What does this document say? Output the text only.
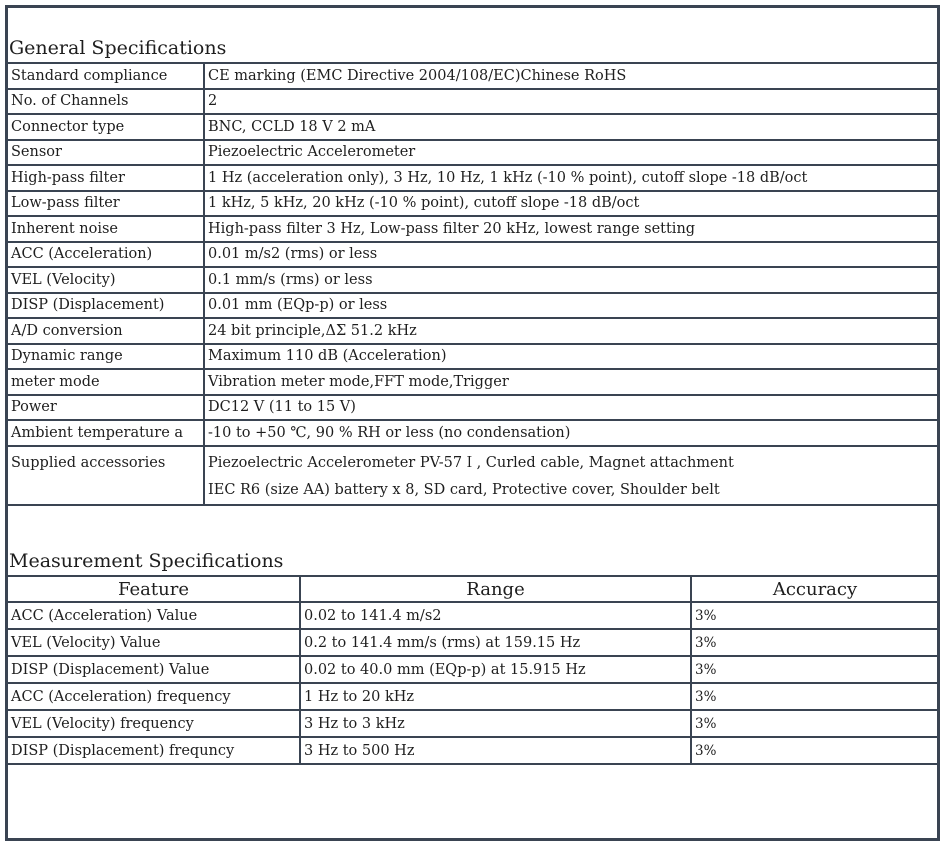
General Specifications
Standard compliance	CE marking (EMC Directive 2004/108/EC)Chinese RoHS
No. of Channels	2
Connector type	BNC, CCLD 18 V 2 mA
Sensor	Piezoelectric Accelerometer
High-pass filter	1 Hz (acceleration only), 3 Hz, 10 Hz, 1 kHz (-10 % point), cutoff slope -18 dB/oct
Low-pass filter	1 kHz, 5 kHz, 20 kHz (-10 % point), cutoff slope -18 dB/oct
Inherent noise	High-pass filter 3 Hz, Low-pass filter 20 kHz, lowest range setting
ACC (Acceleration)	0.01 m/s2 (rms) or less
VEL (Velocity)	0.1 mm/s (rms) or less
DISP (Displacement)	0.01 mm (EQp-p) or less
A/D conversion	24 bit principle,ΔΣ 51.2 kHz
Dynamic range	Maximum 110 dB (Acceleration)
meter mode	Vibration meter mode,FFT mode,Trigger
Power	DC12 V (11 to 15 V)
Ambient temperature a	-10 to +50 ℃, 90 % RH or less (no condensation)

Supplied accessories	Piezoelectric Accelerometer PV-57Ｉ, Curled cable, Magnet attachment
IEC R6 (size AA) battery x 8, SD card, Protective cover, Shoulder belt
Measurement Specifications
Feature	Range	Accuracy
ACC (Acceleration) Value	0.02 to 141.4 m/s2	3%
VEL (Velocity) Value	0.2 to 141.4 mm/s (rms) at 159.15 Hz	3%
DISP (Displacement) Value	0.02 to 40.0 mm (EQp-p) at 15.915 Hz	3%
ACC (Acceleration) frequency	1 Hz to 20 kHz	3%
VEL (Velocity) frequency	3 Hz to 3 kHz	3%
DISP (Displacement) frequncy	3 Hz to 500 Hz	3%
